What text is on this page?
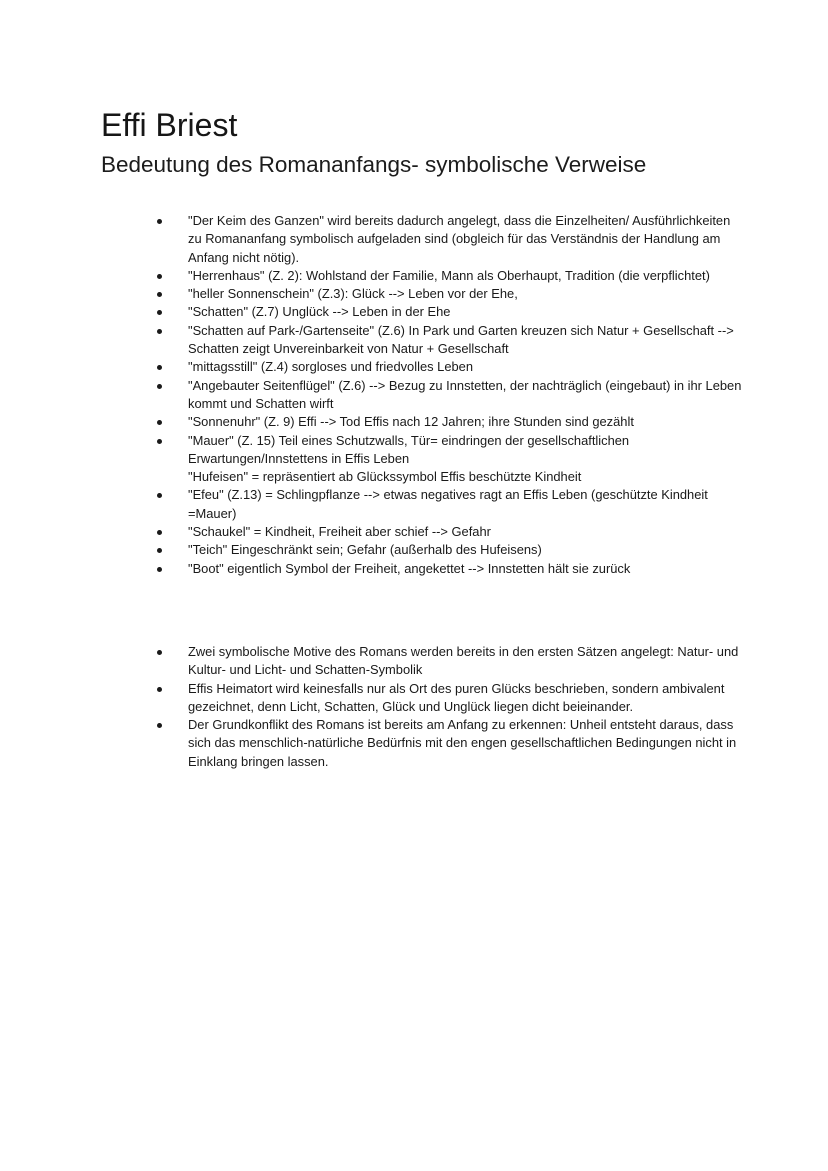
Effi Briest
Bedeutung des Romananfangs- symbolische Verweise
"Der Keim des Ganzen" wird bereits dadurch angelegt, dass die Einzelheiten/ Ausführlichkeiten zu Romananfang symbolisch aufgeladen sind (obgleich für das Verständnis der Handlung am Anfang nicht nötig).
"Herrenhaus" (Z. 2): Wohlstand der Familie, Mann als Oberhaupt, Tradition (die verpflichtet)
"heller Sonnenschein" (Z.3): Glück --> Leben vor der Ehe,
"Schatten" (Z.7) Unglück --> Leben in der Ehe
"Schatten auf Park-/Gartenseite" (Z.6) In Park und Garten kreuzen sich Natur + Gesellschaft --> Schatten zeigt Unvereinbarkeit von Natur + Gesellschaft
"mittagsstill" (Z.4) sorgloses und friedvolles Leben
"Angebauter Seitenflügel" (Z.6) --> Bezug zu Innstetten, der nachträglich (eingebaut) in ihr Leben kommt und Schatten wirft
"Sonnenuhr" (Z. 9) Effi --> Tod Effis nach 12 Jahren; ihre Stunden sind gezählt
"Mauer" (Z. 15) Teil eines Schutzwalls, Tür= eindringen der gesellschaftlichen Erwartungen/Innstettens in Effis Leben
"Hufeisen" = repräsentiert ab Glückssymbol Effis beschützte Kindheit
"Efeu" (Z.13) = Schlingpflanze --> etwas negatives ragt an Effis Leben (geschützte Kindheit =Mauer)
"Schaukel" = Kindheit, Freiheit aber schief --> Gefahr
"Teich" Eingeschränkt sein; Gefahr (außerhalb des Hufeisens)
"Boot" eigentlich Symbol der Freiheit, angekettet --> Innstetten hält sie zurück
Zwei symbolische Motive des Romans werden bereits in den ersten Sätzen angelegt: Natur- und Kultur- und Licht- und Schatten-Symbolik
Effis Heimatort wird keinesfalls nur als Ort des puren Glücks beschrieben, sondern ambivalent gezeichnet, denn Licht, Schatten, Glück und Unglück liegen dicht beieinander.
Der Grundkonflikt des Romans ist bereits am Anfang zu erkennen: Unheil entsteht daraus, dass sich das menschlich-natürliche Bedürfnis mit den engen gesellschaftlichen Bedingungen nicht in Einklang bringen lassen.
